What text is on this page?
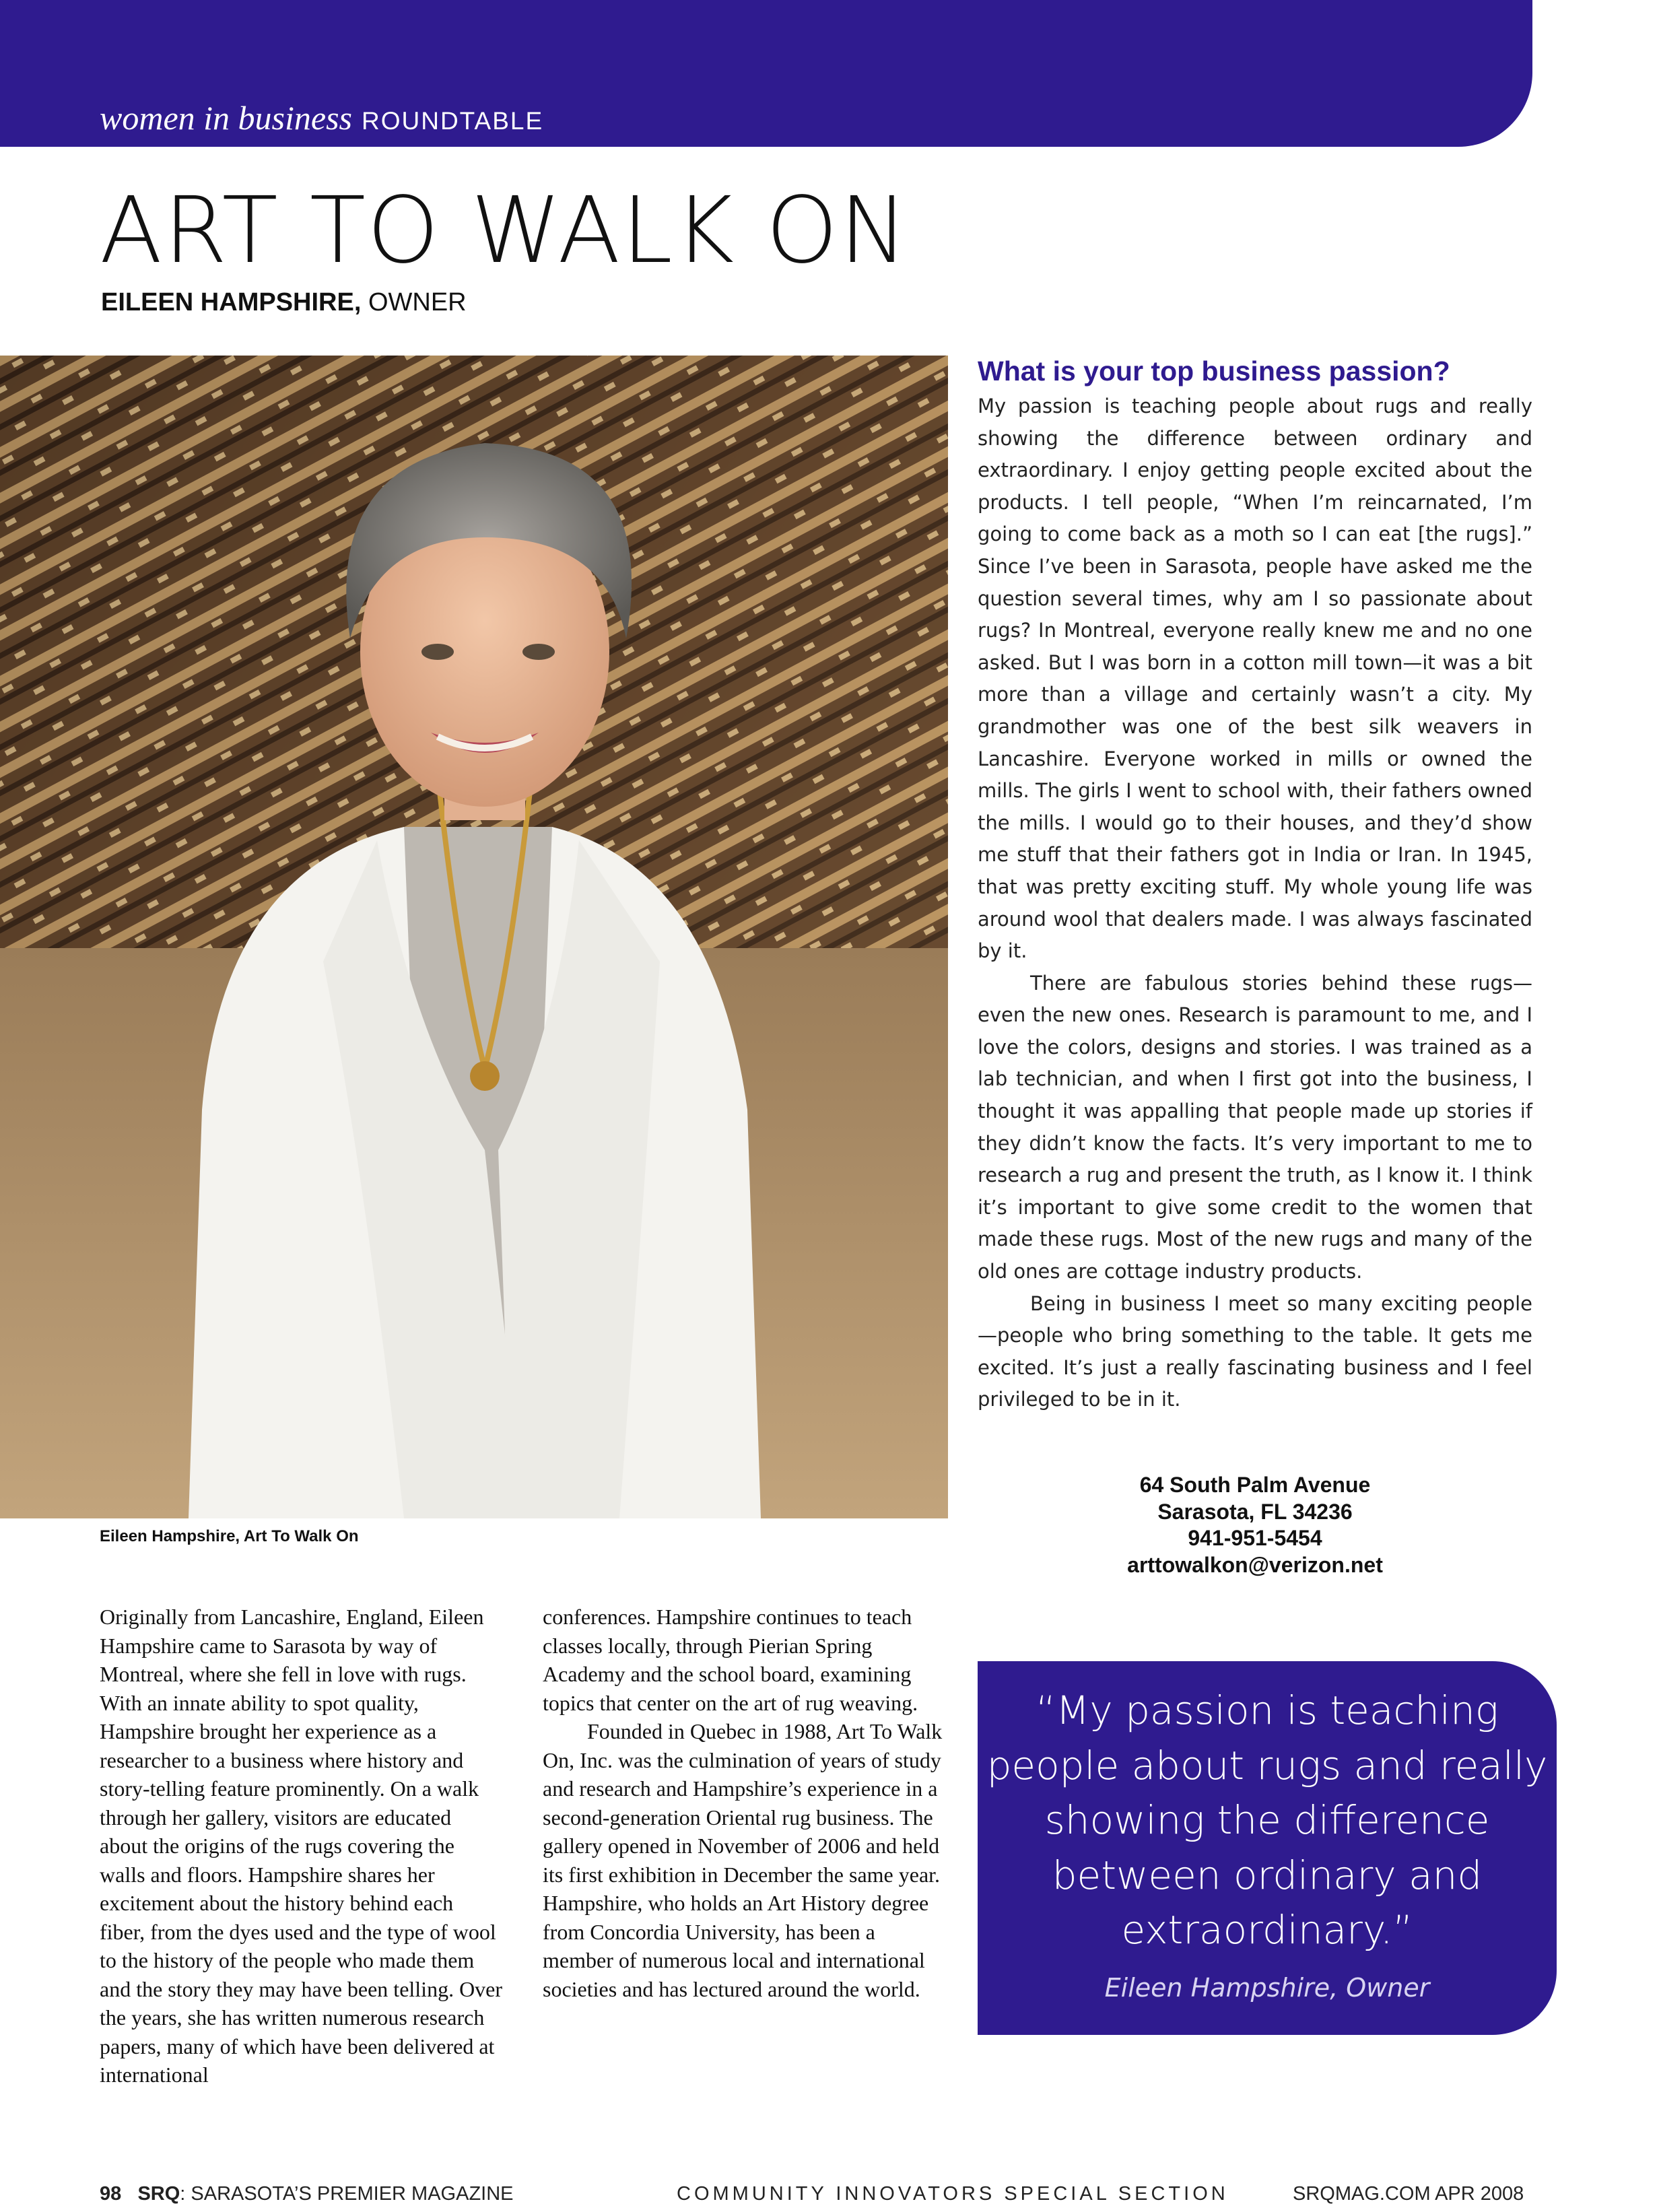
women in business ROUNDTABLE
ART TO WALK ON
EILEEN HAMPSHIRE, OWNER
Eileen Hampshire, Art To Walk On
What is your top business passion?

My passion is teaching people about rugs and really showing the difference between ordinary and extraordinary. I enjoy getting people excited about the products. I tell people, “When I’m reincarnated, I’m going to come back as a moth so I can eat [the rugs].” Since I’ve been in Sarasota, people have asked me the question several times, why am I so passionate about rugs? In Montreal, everyone really knew me and no one asked. But I was born in a cotton mill town—it was a bit more than a village and certainly wasn’t a city. My grandmother was one of the best silk weavers in Lancashire. Everyone worked in mills or owned the mills. The girls I went to school with, their fathers owned the mills. I would go to their houses, and they’d show me stuff that their fathers got in India or Iran. In 1945, that was pretty exciting stuff. My whole young life was around wool that dealers made. I was always fascinated by it.

There are fabulous stories behind these rugs—even the new ones. Research is paramount to me, and I love the colors, designs and stories. I was trained as a lab technician, and when I first got into the business, I thought it was appalling that people made up stories if they didn’t know the facts. It’s very important to me to research a rug and present the truth, as I know it. I think it’s important to give some credit to the women that made these rugs. Most of the new rugs and many of the old ones are cottage industry products.

Being in business I meet so many exciting people—people who bring something to the table. It gets me excited. It’s just a really fascinating business and I feel privileged to be in it.

64 South Palm Avenue
Sarasota, FL 34236
941-951-5454
arttowalkon@verizon.net

Originally from Lancashire, England, Eileen Hampshire came to Sarasota by way of Montreal, where she fell in love with rugs. With an innate ability to spot quality, Hampshire brought her experience as a researcher to a business where history and story-telling feature prominently. On a walk through her gallery, visitors are educated about the origins of the rugs covering the walls and floors. Hampshire shares her excitement about the history behind each fiber, from the dyes used and the type of wool to the history of the people who made them and the story they may have been telling. Over the years, she has written numerous research papers, many of which have been delivered at international

conferences. Hampshire continues to teach classes locally, through Pierian Spring Academy and the school board, examining topics that center on the art of rug weaving.

Founded in Quebec in 1988, Art To Walk On, Inc. was the culmination of years of study and research and Hampshire’s experience in a second-generation Oriental rug business. The gallery opened in November of 2006 and held its first exhibition in December the same year. Hampshire, who holds an Art History degree from Concordia University, has been a member of numerous local and international societies and has lectured around the world.

“My passion is teaching people about rugs and really showing the difference between ordinary and extraordinary.”
Eileen Hampshire, Owner
98 SRQ: SARASOTA’S PREMIER MAGAZINE	COMMUNITY INNOVATORS SPECIAL SECTION	SRQMAG.COM APR 2008
